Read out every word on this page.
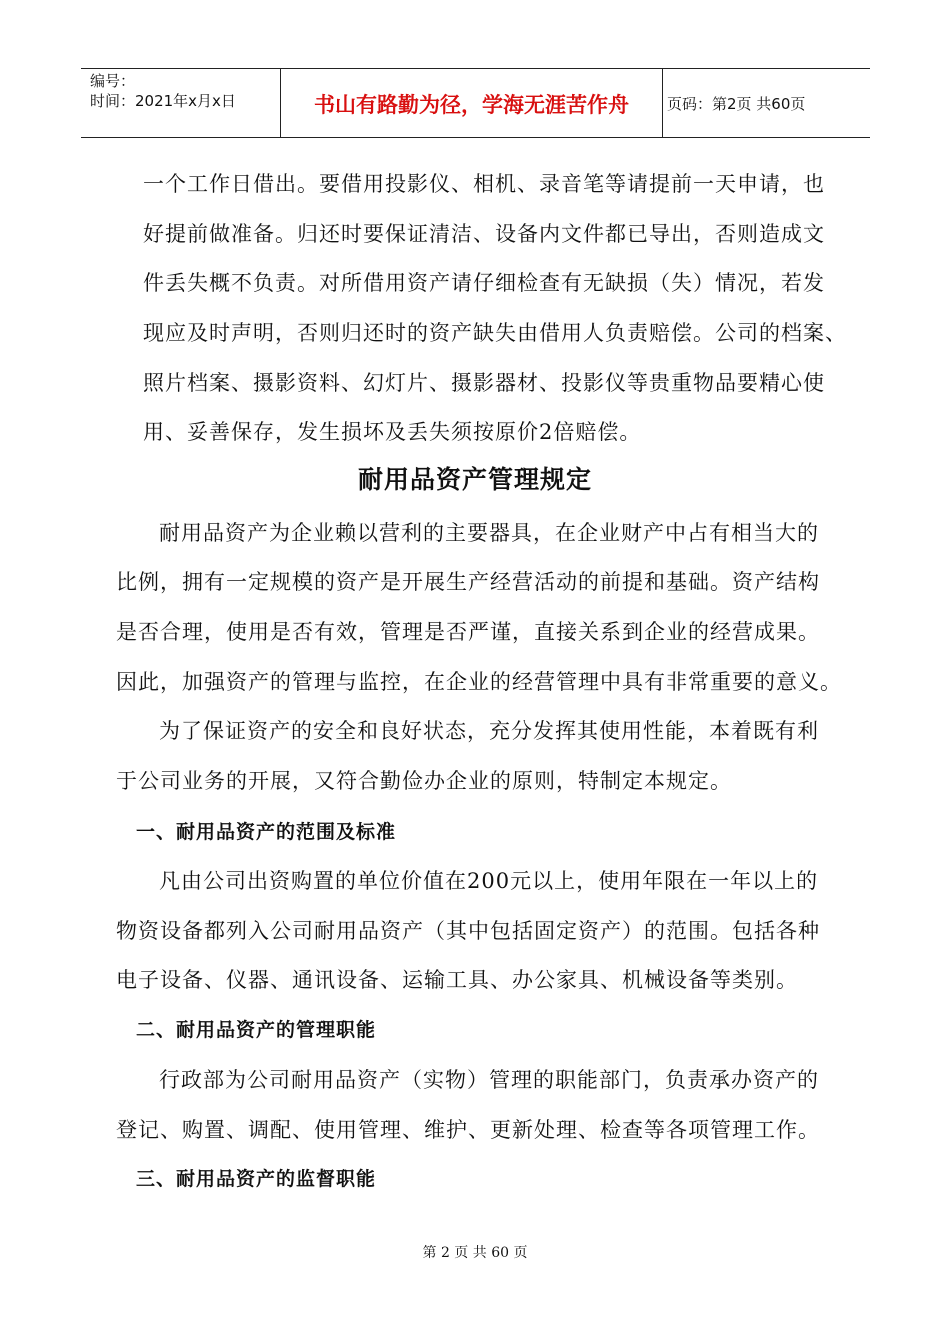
编号：
时间：2021年x月x日	书山有路勤为径，学海无涯苦作舟	页码：第2页 共60页
一个工作日借出。要借用投影仪、相机、录音笔等请提前一天申请，也
好提前做准备。归还时要保证清洁、设备内文件都已导出，否则造成文
件丢失概不负责。对所借用资产请仔细检查有无缺损（失）情况，若发
现应及时声明，否则归还时的资产缺失由借用人负责赔偿。公司的档案、
照片档案、摄影资料、幻灯片、摄影器材、投影仪等贵重物品要精心使
用、妥善保存，发生损坏及丢失须按原价2倍赔偿。
耐用品资产管理规定
耐用品资产为企业赖以营利的主要器具，在企业财产中占有相当大的
比例，拥有一定规模的资产是开展生产经营活动的前提和基础。资产结构
是否合理，使用是否有效，管理是否严谨，直接关系到企业的经营成果。
因此，加强资产的管理与监控，在企业的经营管理中具有非常重要的意义。
为了保证资产的安全和良好状态，充分发挥其使用性能，本着既有利
于公司业务的开展，又符合勤俭办企业的原则，特制定本规定。
一、耐用品资产的范围及标准
凡由公司出资购置的单位价值在200元以上，使用年限在一年以上的
物资设备都列入公司耐用品资产（其中包括固定资产）的范围。包括各种
电子设备、仪器、通讯设备、运输工具、办公家具、机械设备等类别。
二、耐用品资产的管理职能
行政部为公司耐用品资产（实物）管理的职能部门，负责承办资产的
登记、购置、调配、使用管理、维护、更新处理、检查等各项管理工作。
三、耐用品资产的监督职能
第 2 页 共 60 页
